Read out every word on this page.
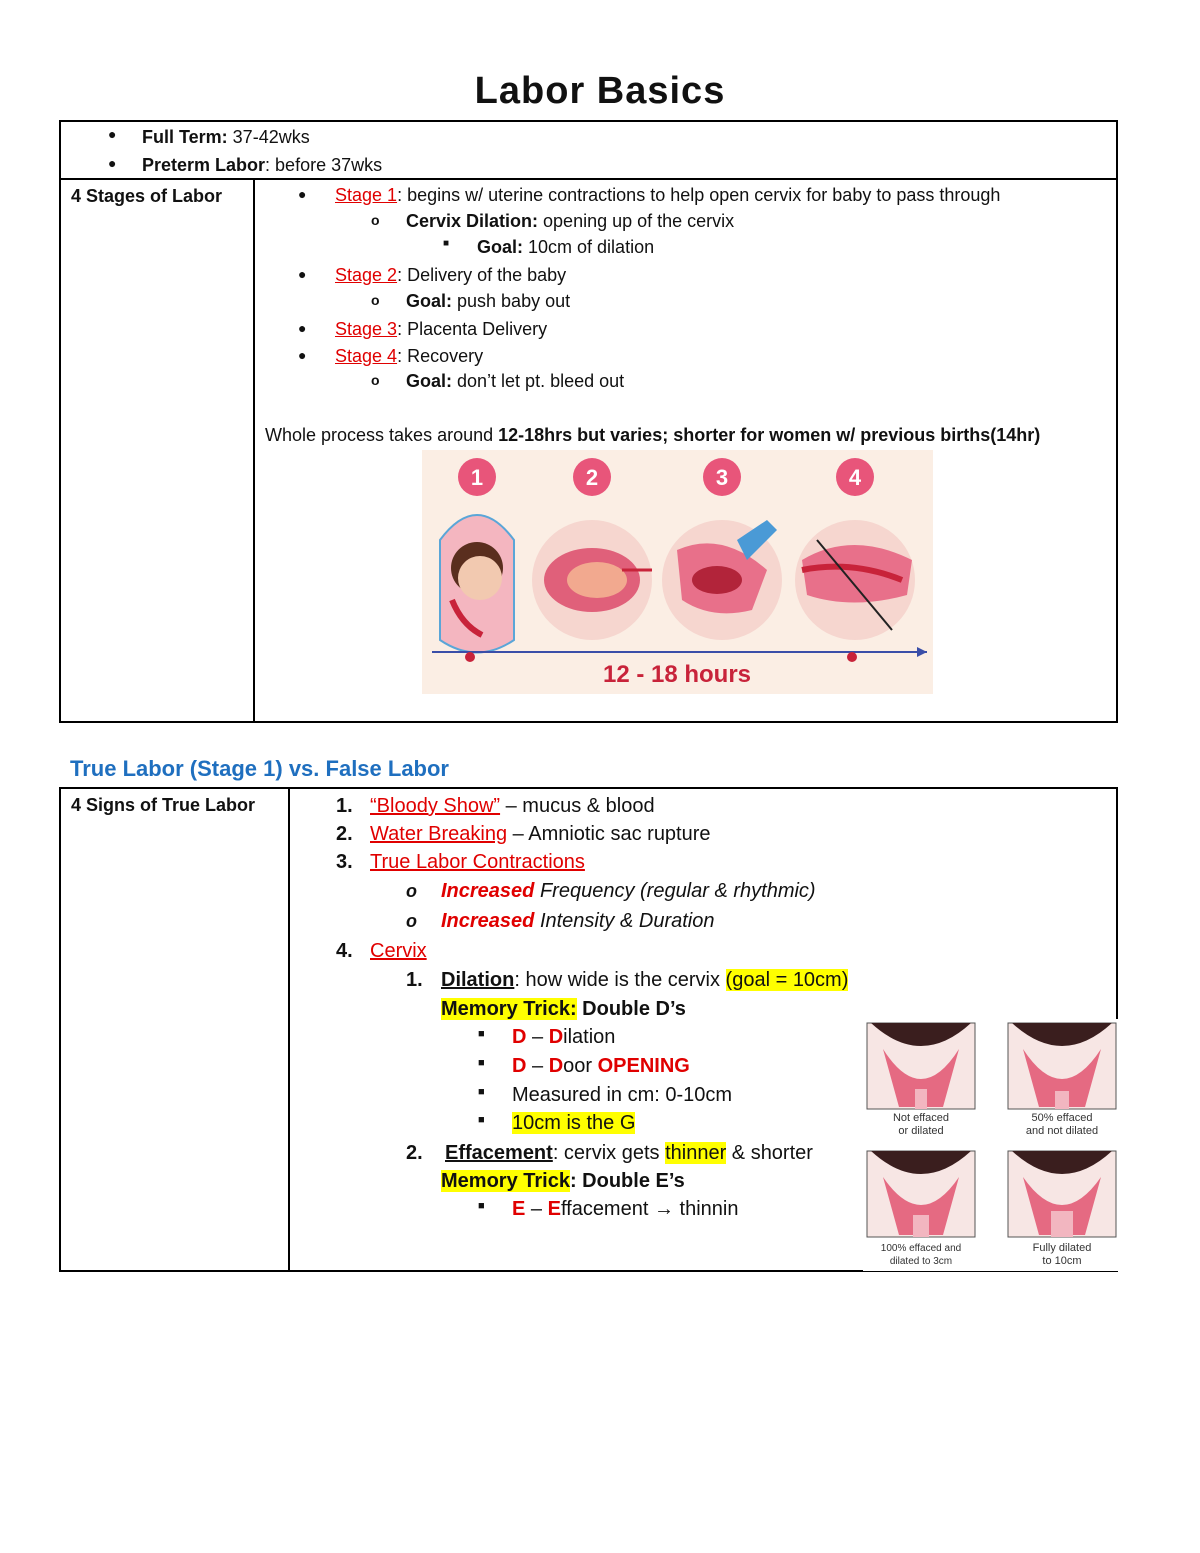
Labor Basics
● Full Term: 37-42wks
● Preterm Labor: before 37wks

4 Stages of Labor	● Stage 1: begins w/ uterine contractions to help open cervix for baby to pass through
o Cervix Dilation: opening up of the cervix
■ Goal: 10cm of dilation
● Stage 2: Delivery of the baby
o Goal: push baby out
● Stage 3: Placenta Delivery
● Stage 4: Recovery
o Goal: don’t let pt. bleed out
Whole process takes around 12-18hrs but varies; shorter for women w/ previous births(14hr)
1	2	3	4
12 - 18 hours
True Labor (Stage 1) vs. False Labor
4 Signs of True Labor	1. “Bloody Show” – mucus & blood
2. Water Breaking – Amniotic sac rupture
3. True Labor Contractions
o Increased Frequency (regular & rhythmic)
o Increased Intensity & Duration
4. Cervix
1. Dilation: how wide is the cervix (goal = 10cm)
Memory Trick: Double D’s
■ D – Dilation
■ D – Door OPENING
■ Measured in cm: 0-10cm
■ 10cm is the G
2. Effacement: cervix gets thinner & shorter
Memory Trick: Double E’s
■ E – Effacement → thinnin
Not effaced or dilated
50% effaced and not dilated
100% effaced and dilated to 3cm
Fully dilated to 10cm
